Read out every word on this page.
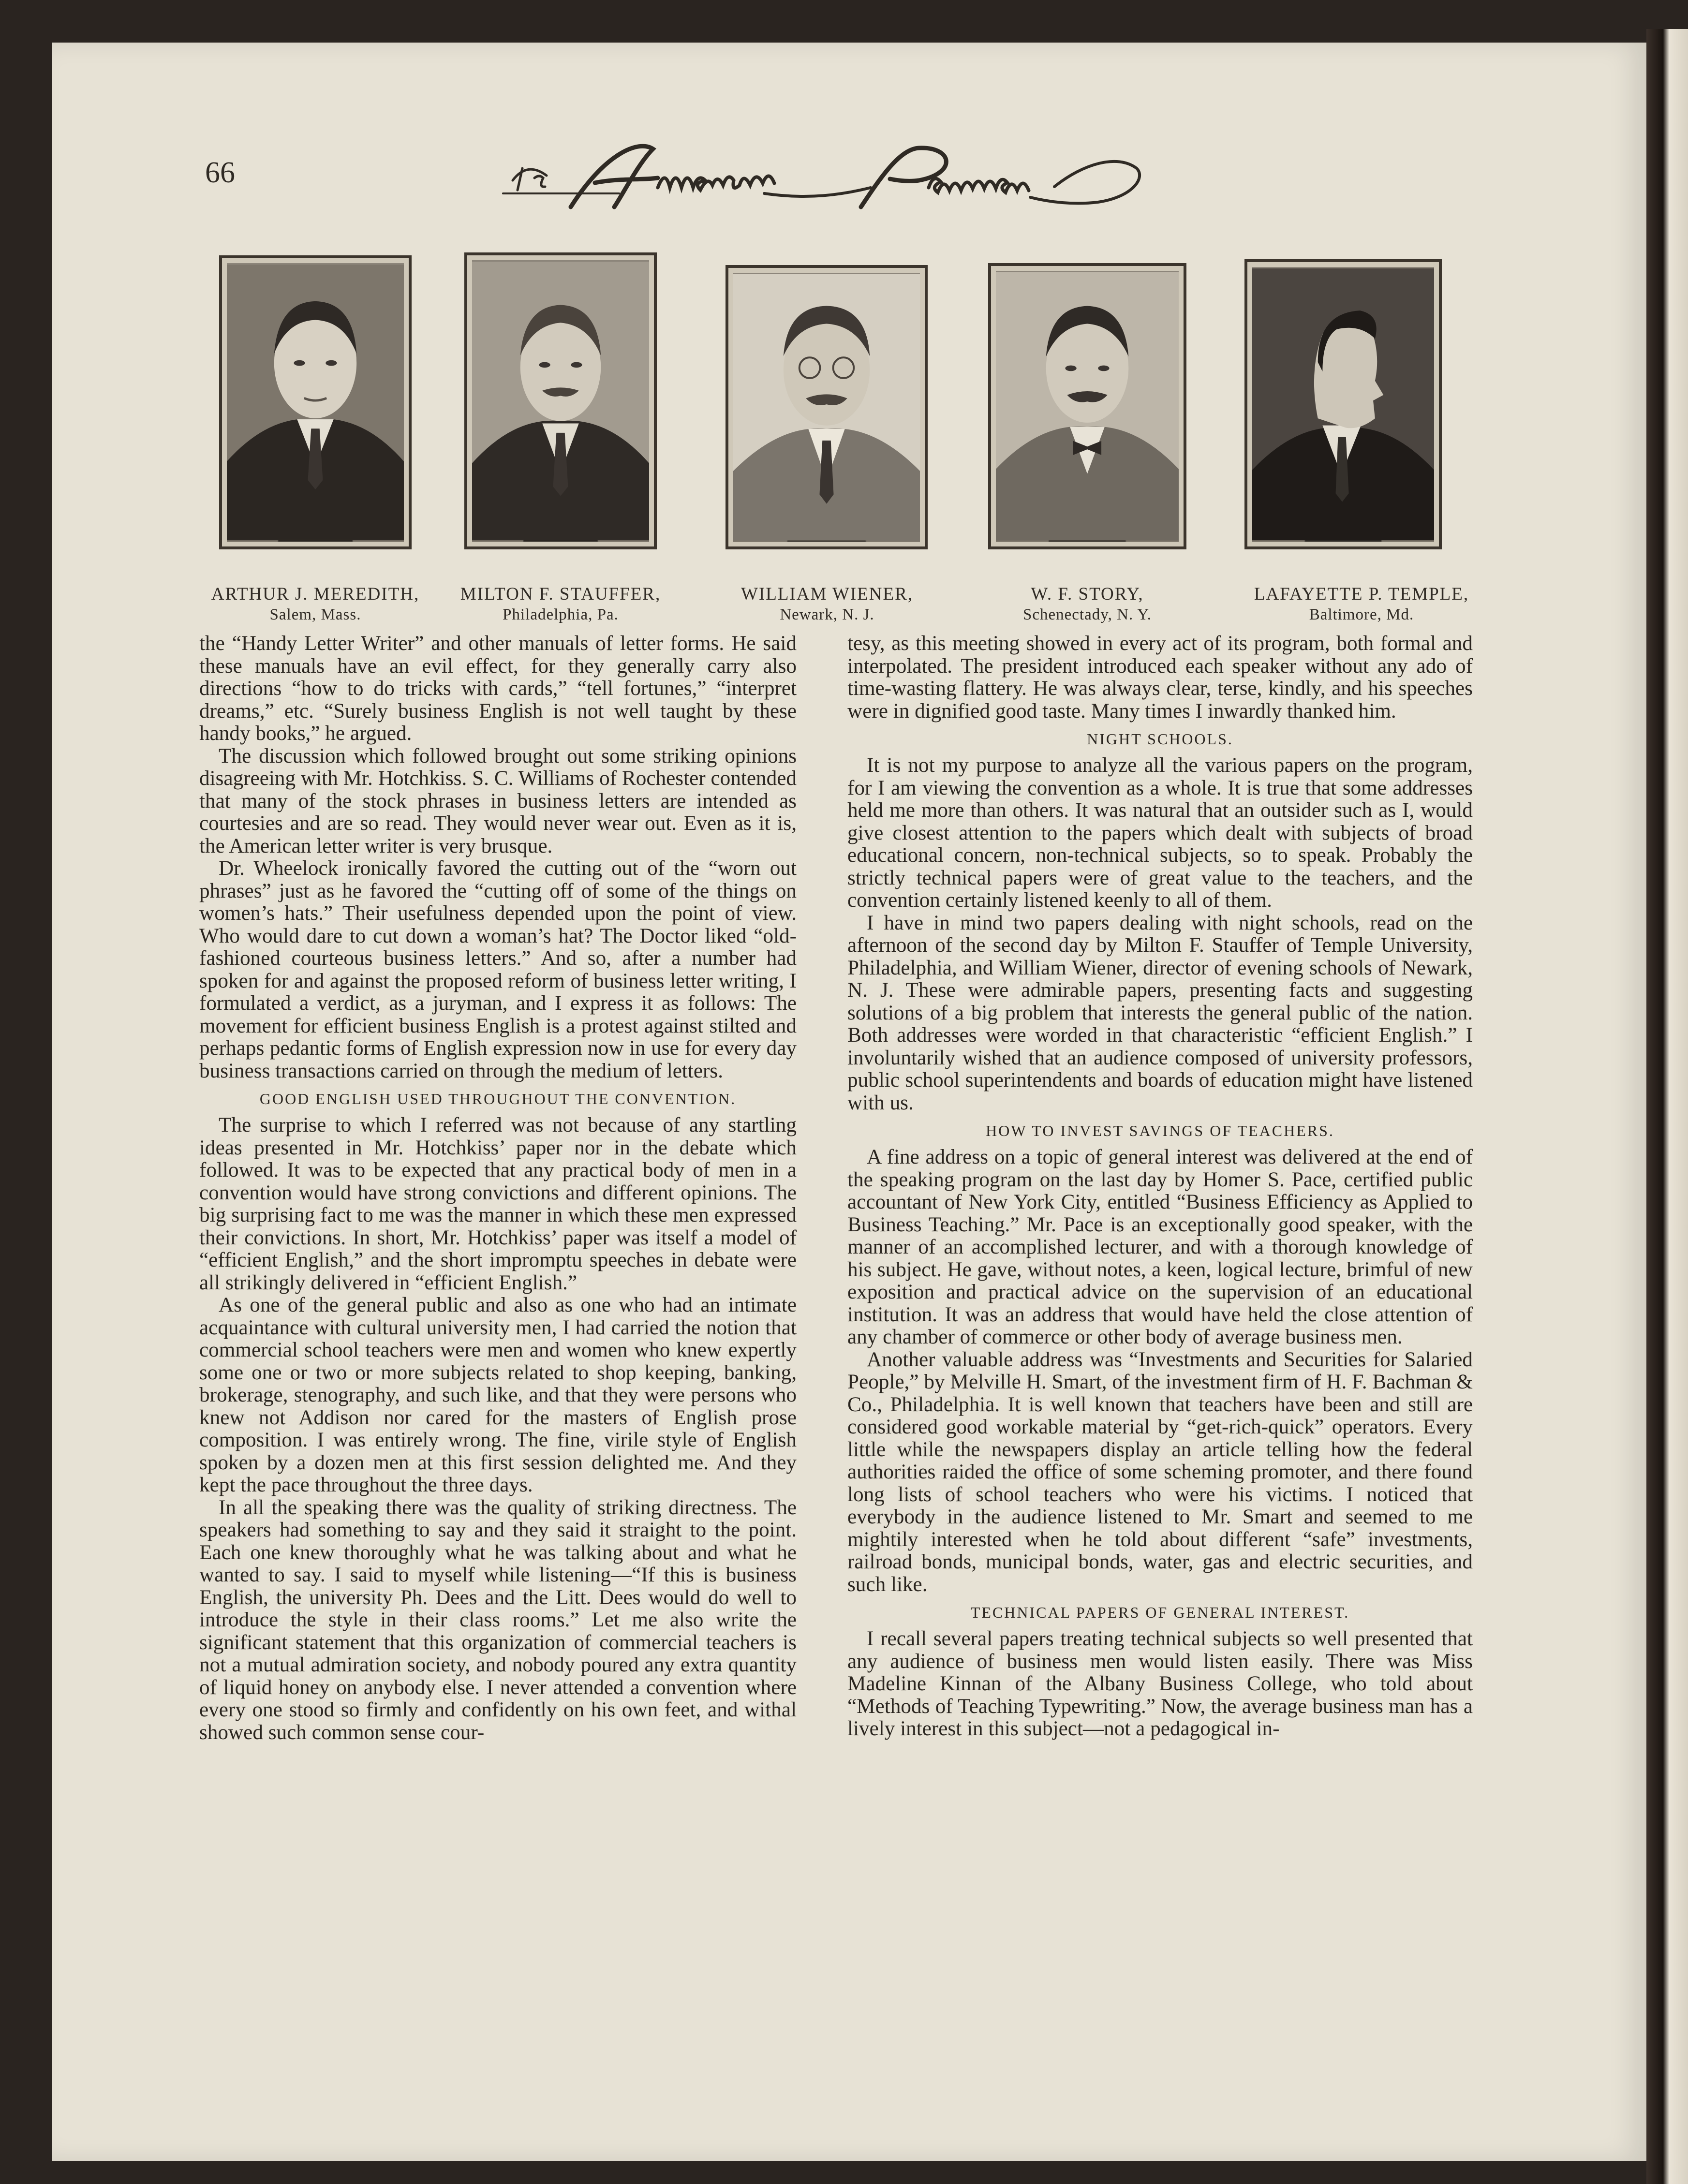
66
ARTHUR J. MEREDITH,
Salem, Mass.
MILTON F. STAUFFER,
Philadelphia, Pa.
WILLIAM WIENER,
Newark, N. J.
W. F. STORY,
Schenectady, N. Y.
LAFAYETTE P. TEMPLE,
Baltimore, Md.

the “Handy Letter Writer” and other manuals of letter forms. He said these manuals have an evil effect, for they generally carry also directions “how to do tricks with cards,” “tell fortunes,” “interpret dreams,” etc. “Surely business English is not well taught by these handy books,” he argued.

The discussion which followed brought out some striking opinions disagreeing with Mr. Hotchkiss. S. C. Williams of Rochester contended that many of the stock phrases in business letters are intended as courtesies and are so read. They would never wear out. Even as it is, the American letter writer is very brusque.

Dr. Wheelock ironically favored the cutting out of the “worn out phrases” just as he favored the “cutting off of some of the things on women’s hats.” Their usefulness depended upon the point of view. Who would dare to cut down a woman’s hat? The Doctor liked “old-fashioned courteous business letters.” And so, after a number had spoken for and against the proposed reform of business letter writing, I formulated a verdict, as a juryman, and I express it as follows: The movement for efficient business English is a protest against stilted and perhaps pedantic forms of English expression now in use for every day business transactions carried on through the medium of letters.

GOOD ENGLISH USED THROUGHOUT THE CONVENTION.

The surprise to which I referred was not because of any startling ideas presented in Mr. Hotchkiss’ paper nor in the debate which followed. It was to be expected that any practical body of men in a convention would have strong convictions and different opinions. The big surprising fact to me was the manner in which these men expressed their convictions. In short, Mr. Hotchkiss’ paper was itself a model of “efficient English,” and the short impromptu speeches in debate were all strikingly delivered in “efficient English.”

As one of the general public and also as one who had an intimate acquaintance with cultural university men, I had carried the notion that commercial school teachers were men and women who knew expertly some one or two or more subjects related to shop keeping, banking, brokerage, stenography, and such like, and that they were persons who knew not Addison nor cared for the masters of English prose composition. I was entirely wrong. The fine, virile style of English spoken by a dozen men at this first session delighted me. And they kept the pace throughout the three days.

In all the speaking there was the quality of striking directness. The speakers had something to say and they said it straight to the point. Each one knew thoroughly what he was talking about and what he wanted to say. I said to myself while listening—“If this is business English, the university Ph. Dees and the Litt. Dees would do well to introduce the style in their class rooms.” Let me also write the significant statement that this organization of commercial teachers is not a mutual admiration society, and nobody poured any extra quantity of liquid honey on anybody else. I never attended a convention where every one stood so firmly and confidently on his own feet, and withal showed such common sense cour-

tesy, as this meeting showed in every act of its program, both formal and interpolated. The president introduced each speaker without any ado of time-wasting flattery. He was always clear, terse, kindly, and his speeches were in dignified good taste. Many times I inwardly thanked him.

NIGHT SCHOOLS.

It is not my purpose to analyze all the various papers on the program, for I am viewing the convention as a whole. It is true that some addresses held me more than others. It was natural that an outsider such as I, would give closest attention to the papers which dealt with subjects of broad educational concern, non-technical subjects, so to speak. Probably the strictly technical papers were of great value to the teachers, and the convention certainly listened keenly to all of them.

I have in mind two papers dealing with night schools, read on the afternoon of the second day by Milton F. Stauffer of Temple University, Philadelphia, and William Wiener, director of evening schools of Newark, N. J. These were admirable papers, presenting facts and suggesting solutions of a big problem that interests the general public of the nation. Both addresses were worded in that characteristic “efficient English.” I involuntarily wished that an audience composed of university professors, public school superintendents and boards of education might have listened with us.

HOW TO INVEST SAVINGS OF TEACHERS.

A fine address on a topic of general interest was delivered at the end of the speaking program on the last day by Homer S. Pace, certified public accountant of New York City, entitled “Business Efficiency as Applied to Business Teaching.” Mr. Pace is an exceptionally good speaker, with the manner of an accomplished lecturer, and with a thorough knowledge of his subject. He gave, without notes, a keen, logical lecture, brimful of new exposition and practical advice on the supervision of an educational institution. It was an address that would have held the close attention of any chamber of commerce or other body of average business men.

Another valuable address was “Investments and Securities for Salaried People,” by Melville H. Smart, of the investment firm of H. F. Bachman & Co., Philadelphia. It is well known that teachers have been and still are considered good workable material by “get-rich-quick” operators. Every little while the newspapers display an article telling how the federal authorities raided the office of some scheming promoter, and there found long lists of school teachers who were his victims. I noticed that everybody in the audience listened to Mr. Smart and seemed to me mightily interested when he told about different “safe” investments, railroad bonds, municipal bonds, water, gas and electric securities, and such like.

TECHNICAL PAPERS OF GENERAL INTEREST.

I recall several papers treating technical subjects so well presented that any audience of business men would listen easily. There was Miss Madeline Kinnan of the Albany Business College, who told about “Methods of Teaching Typewriting.” Now, the average business man has a lively interest in this subject—not a pedagogical in-
